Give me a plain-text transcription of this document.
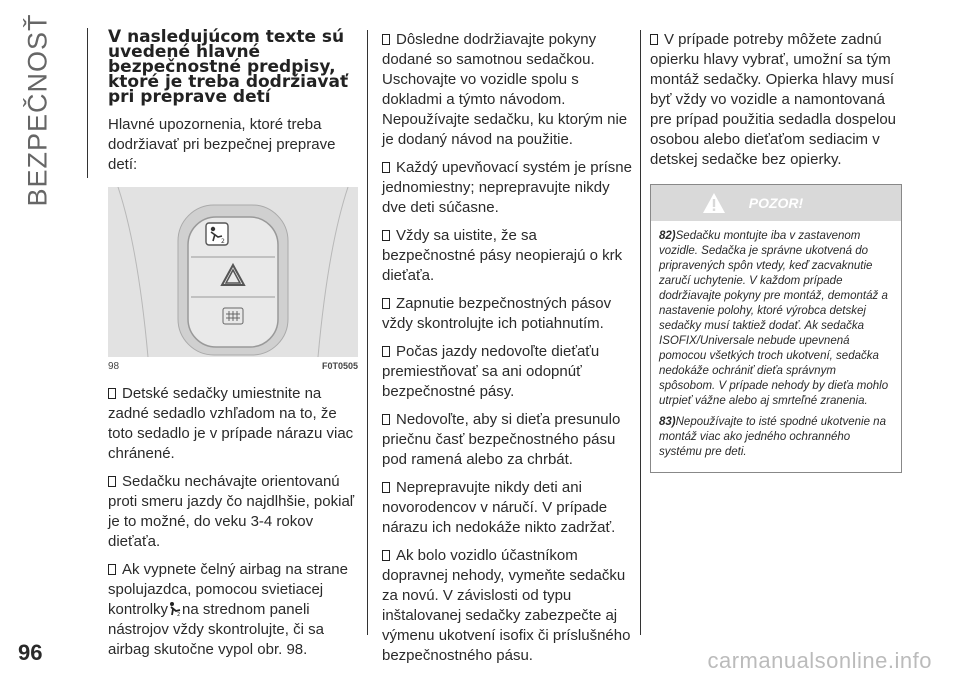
BEZPEČNOSŤ	V nasledujúcom texte sú uvedené hlavné bezpečnostné predpisy, ktoré je treba dodržiavať pri preprave detí

Hlavné upozornenia, ktoré treba dodržiavať pri bezpečnej preprave detí:

2
98	F0T0505

Detské sedačky umiestnite na zadné sedadlo vzhľadom na to, že toto sedadlo je v prípade nárazu viac chránené.

Sedačku nechávajte orientovanú proti smeru jazdy čo najdlhšie, pokiaľ je to možné, do veku 3-4 rokov dieťaťa.

Ak vypnete čelný airbag na strane spolujazdca, pomocou svietiacej kontrolky 2 na strednom paneli nástrojov vždy skontrolujte, či sa airbag skutočne vypol obr. 98.

Dôsledne dodržiavajte pokyny dodané so samotnou sedačkou. Uschovajte vo vozidle spolu s dokladmi a týmto návodom. Nepoužívajte sedačku, ku ktorým nie je dodaný návod na použitie.

Každý upevňovací systém je prísne jednomiestny; neprepravujte nikdy dve deti súčasne.

Vždy sa uistite, že sa bezpečnostné pásy neopierajú o krk dieťaťa.

Zapnutie bezpečnostných pásov vždy skontrolujte ich potiahnutím.

Počas jazdy nedovoľte dieťaťu premiestňovať sa ani odopnúť bezpečnostné pásy.

Nedovoľte, aby si dieťa presunulo priečnu časť bezpečnostného pásu pod ramená alebo za chrbát.

Neprepravujte nikdy deti ani novorodencov v náručí. V prípade nárazu ich nedokáže nikto zadržať.

Ak bolo vozidlo účastníkom dopravnej nehody, vymeňte sedačku za novú. V závislosti od typu inštalovanej sedačky zabezpečte aj výmenu ukotvení isofix či príslušného bezpečnostného pásu.

V prípade potreby môžete zadnú opierku hlavy vybrať, umožní sa tým montáž sedačky. Opierka hlavy musí byť vždy vo vozidle a namontovaná pre prípad použitia sedadla dospelou osobou alebo dieťaťom sediacim v detskej sedačke bez opierky.

POZOR!

82)Sedačku montujte iba v zastavenom vozidle. Sedačka je správne ukotvená do pripravených spôn vtedy, keď zacvaknutie zaručí uchytenie. V každom prípade dodržiavajte pokyny pre montáž, demontáž a nastavenie polohy, ktoré výrobca detskej sedačky musí taktiež dodať. Ak sedačka ISOFIX/Universale nebude upevnená pomocou všetkých troch ukotvení, sedačka nedokáže ochrániť dieťa správnym spôsobom. V prípade nehody by dieťa mohlo utrpieť vážne alebo aj smrteľné zranenia.

83)Nepoužívajte to isté spodné ukotvenie na montáž viac ako jedného ochranného systému pre deti.

96	carmanualsonline.info
